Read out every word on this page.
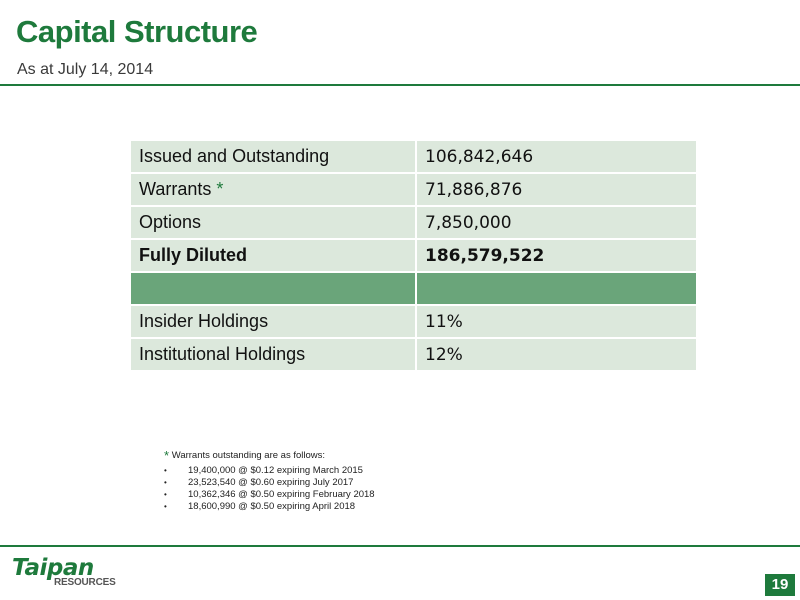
Capital Structure
As at July 14, 2014
Issued and Outstanding	106,842,646
Warrants *	71,886,876
Options	7,850,000
Fully Diluted	186,579,522

Insider Holdings	11%
Institutional Holdings	12%
* Warrants outstanding are as follows:
• 19,400,000 @ $0.12 expiring March 2015
• 23,523,540 @ $0.60 expiring July 2017
• 10,362,346 @ $0.50 expiring February 2018
• 18,600,990 @ $0.50 expiring April 2018
Taipan
RESOURCES	19
